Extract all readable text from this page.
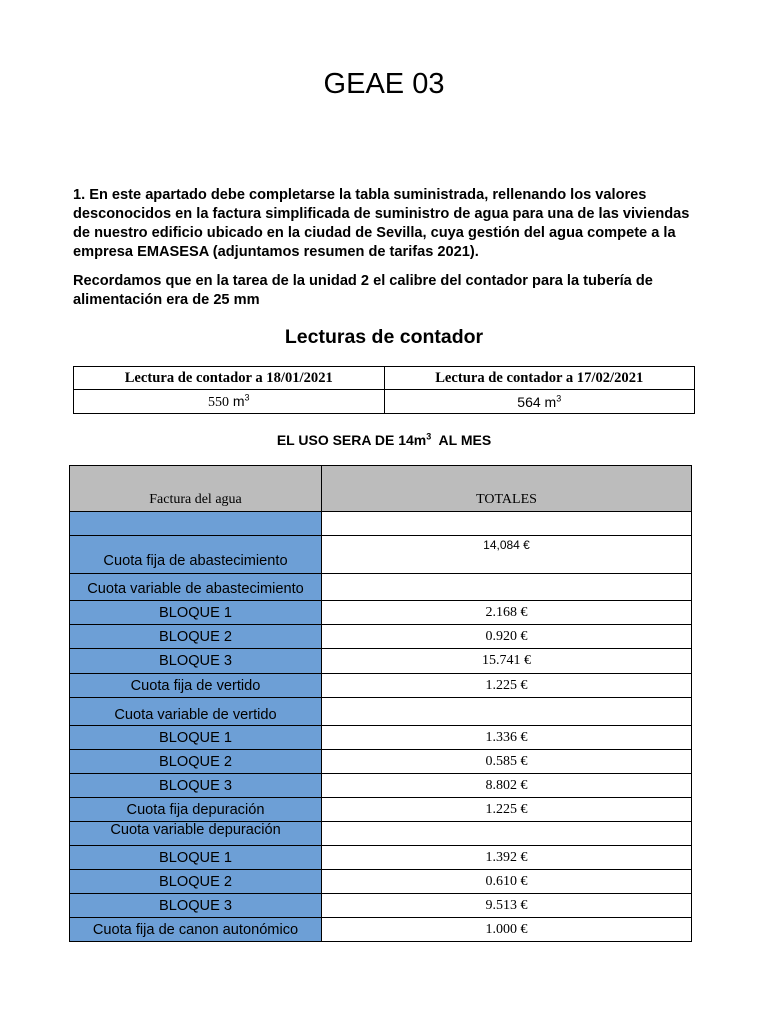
GEAE 03
1. En este apartado debe completarse la tabla suministrada, rellenando los valores desconocidos en la factura simplificada de suministro de agua para una de las viviendas de nuestro edificio ubicado en la ciudad de Sevilla, cuya gestión del agua compete a la empresa EMASESA (adjuntamos resumen de tarifas 2021).
Recordamos que en la tarea de la unidad 2 el calibre del contador para la tubería de alimentación era de 25 mm
Lecturas de contador
Lectura de contador a 18/01/2021	Lectura de contador a 17/02/2021
550 $m^3$	564 $m^3$
EL USO SERA DE $14m^3$ AL MES
Factura del agua	TOTALES

Cuota fija de abastecimiento	14,084 €
Cuota variable de abastecimiento	
BLOQUE 1	2.168 €
BLOQUE 2	0.920 €
BLOQUE 3	15.741 €
Cuota fija de vertido	1.225 €
Cuota variable de vertido	
BLOQUE 1	1.336 €
BLOQUE 2	0.585 €
BLOQUE 3	8.802 €
Cuota fija depuración	1.225 €
Cuota variable depuración	
BLOQUE 1	1.392 €
BLOQUE 2	0.610 €
BLOQUE 3	9.513 €
Cuota fija de canon autonómico	1.000 €
